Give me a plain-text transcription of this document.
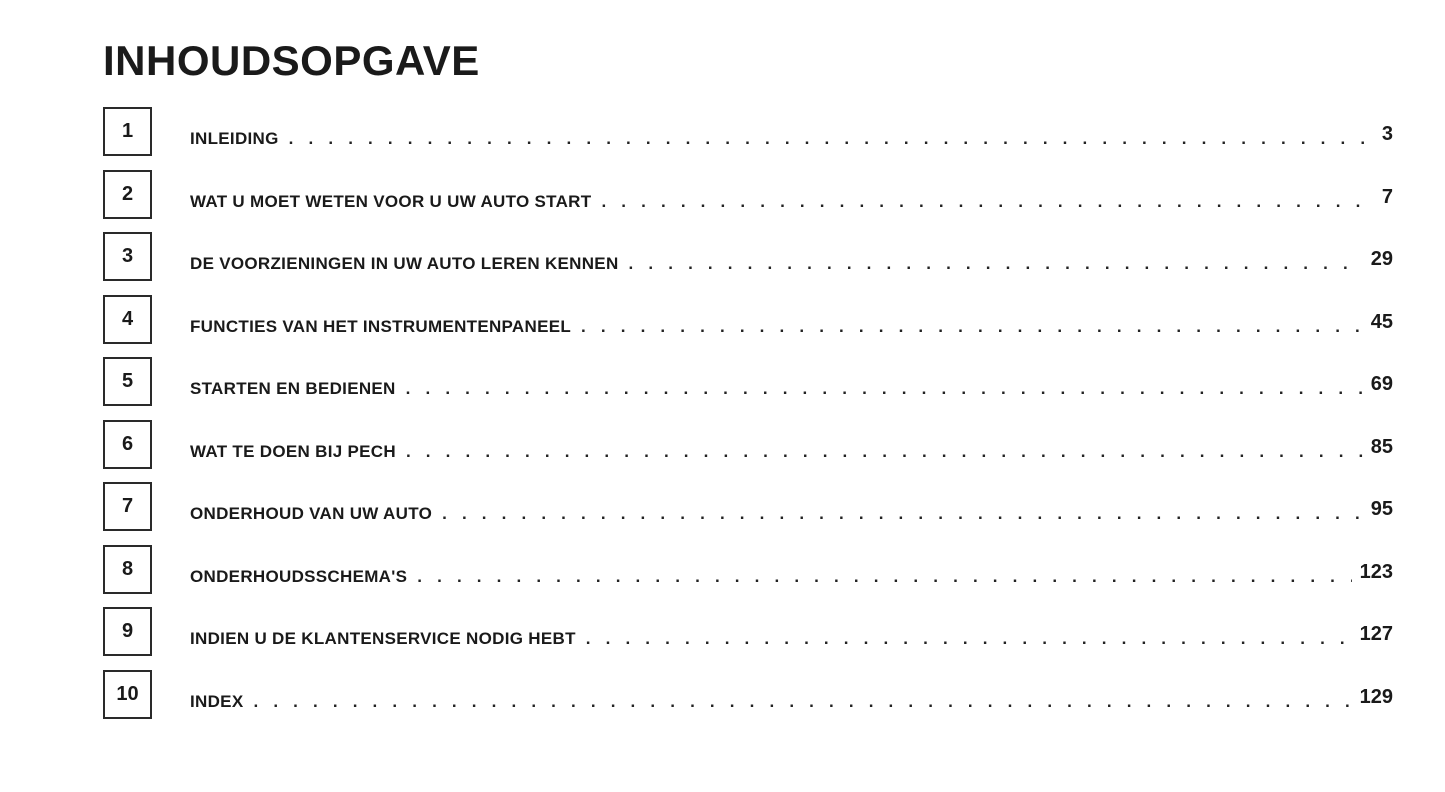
INHOUDSOPGAVE
1	INLEIDING . . .	3
2	WAT U MOET WETEN VOOR U UW AUTO START . . .	7
3	DE VOORZIENINGEN IN UW AUTO LEREN KENNEN . . .	29
4	FUNCTIES VAN HET INSTRUMENTENPANEEL . . .	45
5	STARTEN EN BEDIENEN . . .	69
6	WAT TE DOEN BIJ PECH . . .	85
7	ONDERHOUD VAN UW AUTO . . .	95
8	ONDERHOUDSSCHEMA'S . . .	123
9	INDIEN U DE KLANTENSERVICE NODIG HEBT . . .	127
10	INDEX . . .	129
